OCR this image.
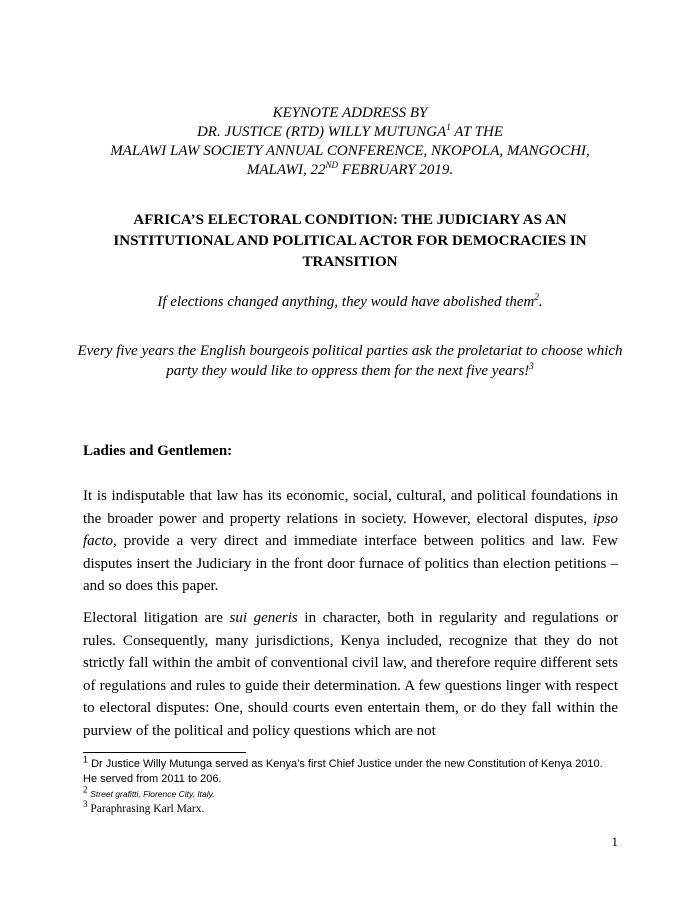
KEYNOTE ADDRESS BY
DR. JUSTICE (RTD) WILLY MUTUNGA$^1$ AT THE
MALAWI LAW SOCIETY ANNUAL CONFERENCE, NKOPOLA, MANGOCHI,
MALAWI, 22ND FEBRUARY 2019.
AFRICA’S ELECTORAL CONDITION: THE JUDICIARY AS AN
INSTITUTIONAL AND POLITICAL ACTOR FOR DEMOCRACIES IN
TRANSITION
If elections changed anything, they would have abolished them$^2$.
Every five years the English bourgeois political parties ask the proletariat to choose which party they would like to oppress them for the next five years!$^3$
Ladies and Gentlemen:
It is indisputable that law has its economic, social, cultural, and political foundations in the broader power and property relations in society. However, electoral disputes, ipso facto, provide a very direct and immediate interface between politics and law. Few disputes insert the Judiciary in the front door furnace of politics than election petitions – and so does this paper.
Electoral litigation are sui generis in character, both in regularity and regulations or rules. Consequently, many jurisdictions, Kenya included, recognize that they do not strictly fall within the ambit of conventional civil law, and therefore require different sets of regulations and rules to guide their determination. A few questions linger with respect to electoral disputes: One, should courts even entertain them, or do they fall within the purview of the political and policy questions which are not
$^1$ Dr Justice Willy Mutunga served as Kenya’s first Chief Justice under the new Constitution of Kenya 2010. He served from 2011 to 206.
$^2$ Street grafitti, Florence City, Italy.
$^3$ Paraphrasing Karl Marx.
1
